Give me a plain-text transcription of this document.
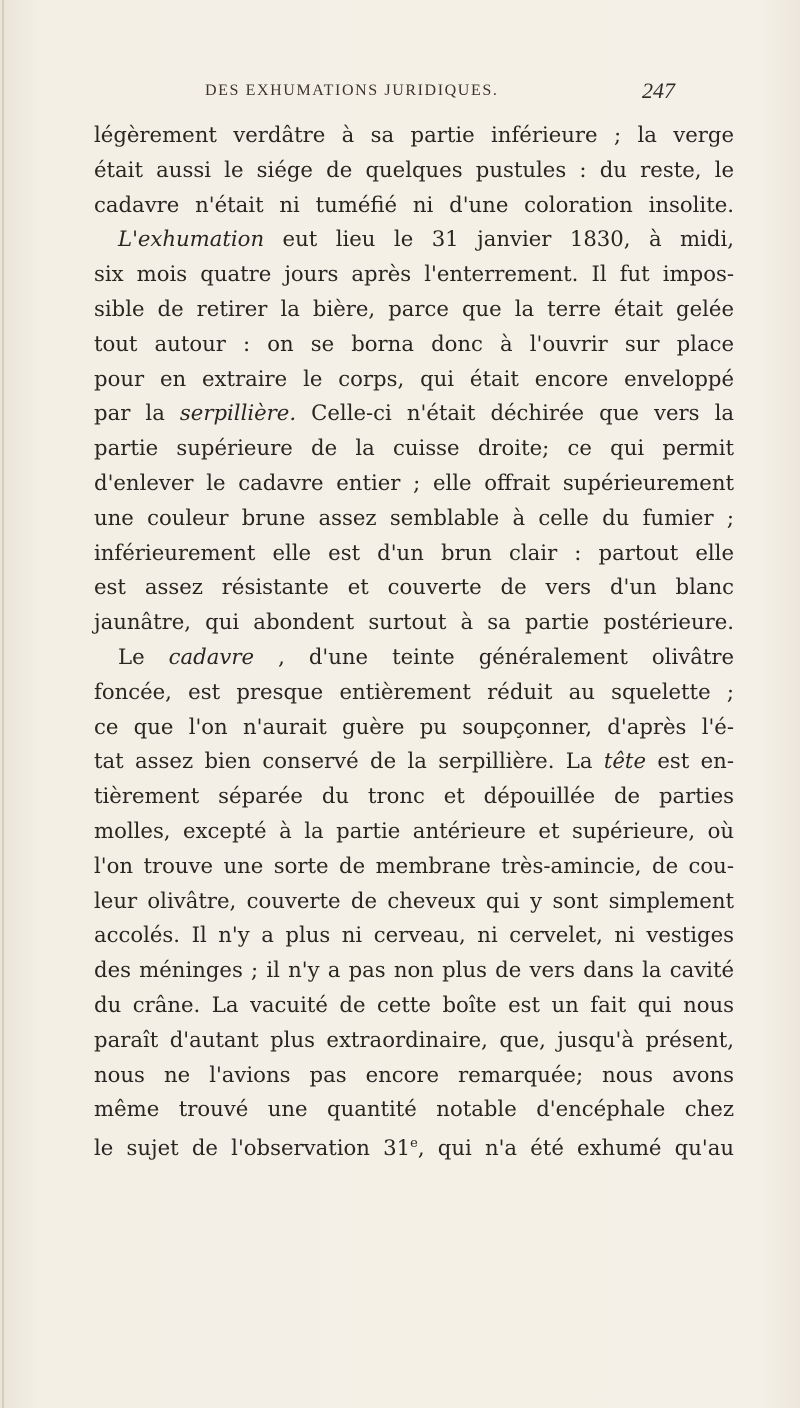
DES EXHUMATIONS JURIDIQUES.	247
légèrement verdâtre à sa partie inférieure ; la verge
était aussi le siége de quelques pustules : du reste, le
cadavre n'était ni tuméfié ni d'une coloration insolite.
L'exhumation eut lieu le 31 janvier 1830, à midi,
six mois quatre jours après l'enterrement. Il fut impos-
sible de retirer la bière, parce que la terre était gelée
tout autour : on se borna donc à l'ouvrir sur place
pour en extraire le corps, qui était encore enveloppé
par la serpillière. Celle-ci n'était déchirée que vers la
partie supérieure de la cuisse droite; ce qui permit
d'enlever le cadavre entier ; elle offrait supérieurement
une couleur brune assez semblable à celle du fumier ;
inférieurement elle est d'un brun clair : partout elle
est assez résistante et couverte de vers d'un blanc
jaunâtre, qui abondent surtout à sa partie postérieure.
Le cadavre , d'une teinte généralement olivâtre
foncée, est presque entièrement réduit au squelette ;
ce que l'on n'aurait guère pu soupçonner, d'après l'é-
tat assez bien conservé de la serpillière. La tête est en-
tièrement séparée du tronc et dépouillée de parties
molles, excepté à la partie antérieure et supérieure, où
l'on trouve une sorte de membrane très-amincie, de cou-
leur olivâtre, couverte de cheveux qui y sont simplement
accolés. Il n'y a plus ni cerveau, ni cervelet, ni vestiges
des méninges ; il n'y a pas non plus de vers dans la cavité
du crâne. La vacuité de cette boîte est un fait qui nous
paraît d'autant plus extraordinaire, que, jusqu'à présent,
nous ne l'avions pas encore remarquée; nous avons
même trouvé une quantité notable d'encéphale chez
le sujet de l'observation 31e, qui n'a été exhumé qu'au
